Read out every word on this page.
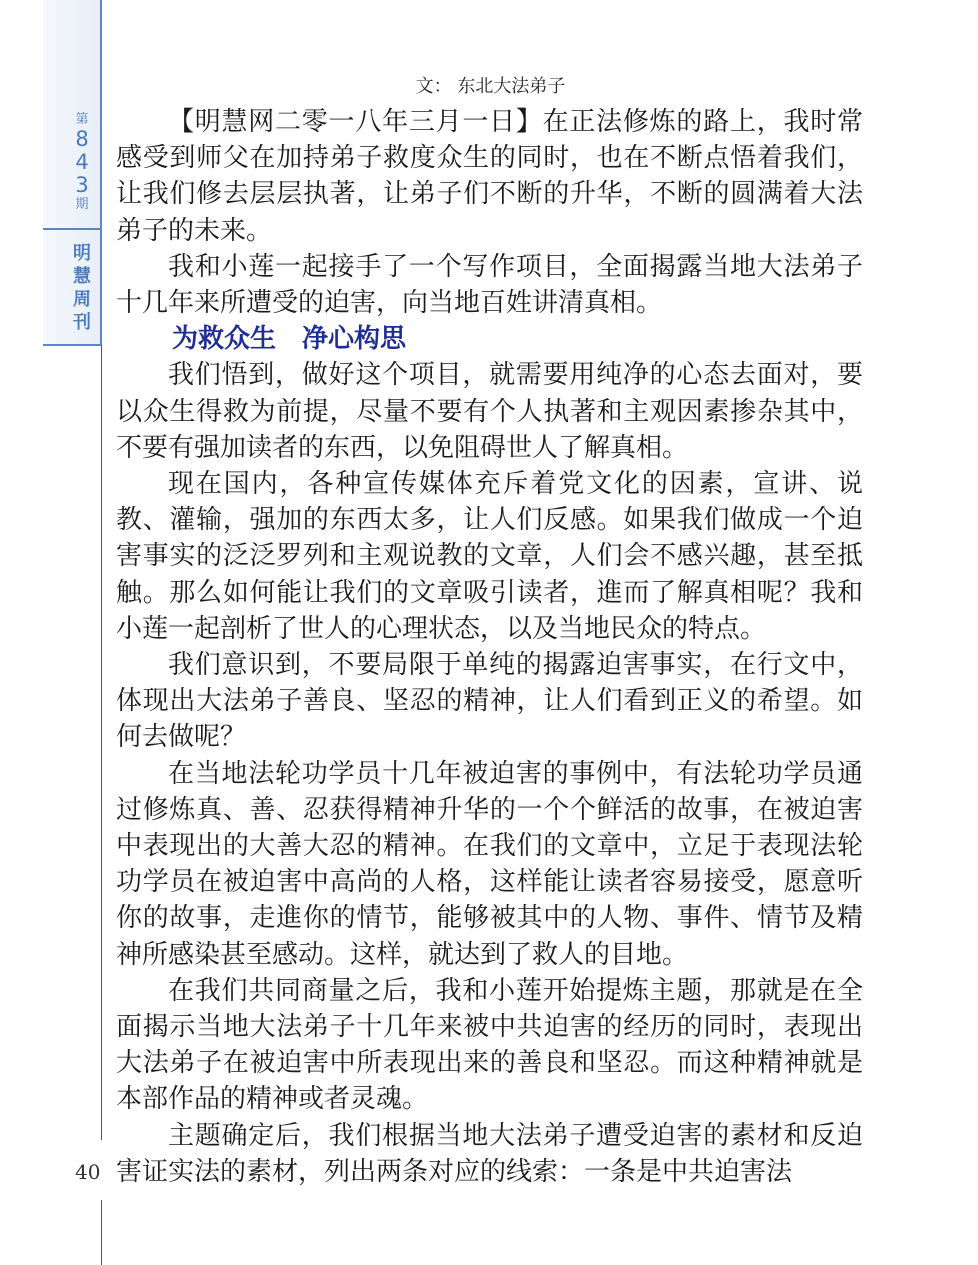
第
8
4
3
期
明
慧
周
刊
40
文： 东北大法弟子

【明慧网二零一八年三月一日】在正法修炼的路上，我时常感受到师父在加持弟子救度众生的同时，也在不断点悟着我们，让我们修去层层执著，让弟子们不断的升华，不断的圆满着大法弟子的未来。

我和小莲一起接手了一个写作项目，全面揭露当地大法弟子十几年来所遭受的迫害，向当地百姓讲清真相。

为救众生　净心构思

我们悟到，做好这个项目，就需要用纯净的心态去面对，要以众生得救为前提，尽量不要有个人执著和主观因素掺杂其中，不要有强加读者的东西，以免阻碍世人了解真相。

现在国内，各种宣传媒体充斥着党文化的因素，宣讲、说教、灌输，强加的东西太多，让人们反感。如果我们做成一个迫害事实的泛泛罗列和主观说教的文章，人们会不感兴趣，甚至抵触。那么如何能让我们的文章吸引读者，進而了解真相呢？我和小莲一起剖析了世人的心理状态，以及当地民众的特点。

我们意识到，不要局限于单纯的揭露迫害事实，在行文中，体现出大法弟子善良、坚忍的精神，让人们看到正义的希望。如何去做呢？

在当地法轮功学员十几年被迫害的事例中，有法轮功学员通过修炼真、善、忍获得精神升华的一个个鲜活的故事，在被迫害中表现出的大善大忍的精神。在我们的文章中，立足于表现法轮功学员在被迫害中高尚的人格，这样能让读者容易接受，愿意听你的故事，走進你的情节，能够被其中的人物、事件、情节及精神所感染甚至感动。这样，就达到了救人的目地。

在我们共同商量之后，我和小莲开始提炼主题，那就是在全面揭示当地大法弟子十几年来被中共迫害的经历的同时，表现出大法弟子在被迫害中所表现出来的善良和坚忍。而这种精神就是本部作品的精神或者灵魂。

主题确定后，我们根据当地大法弟子遭受迫害的素材和反迫害证实法的素材，列出两条对应的线索：一条是中共迫害法
